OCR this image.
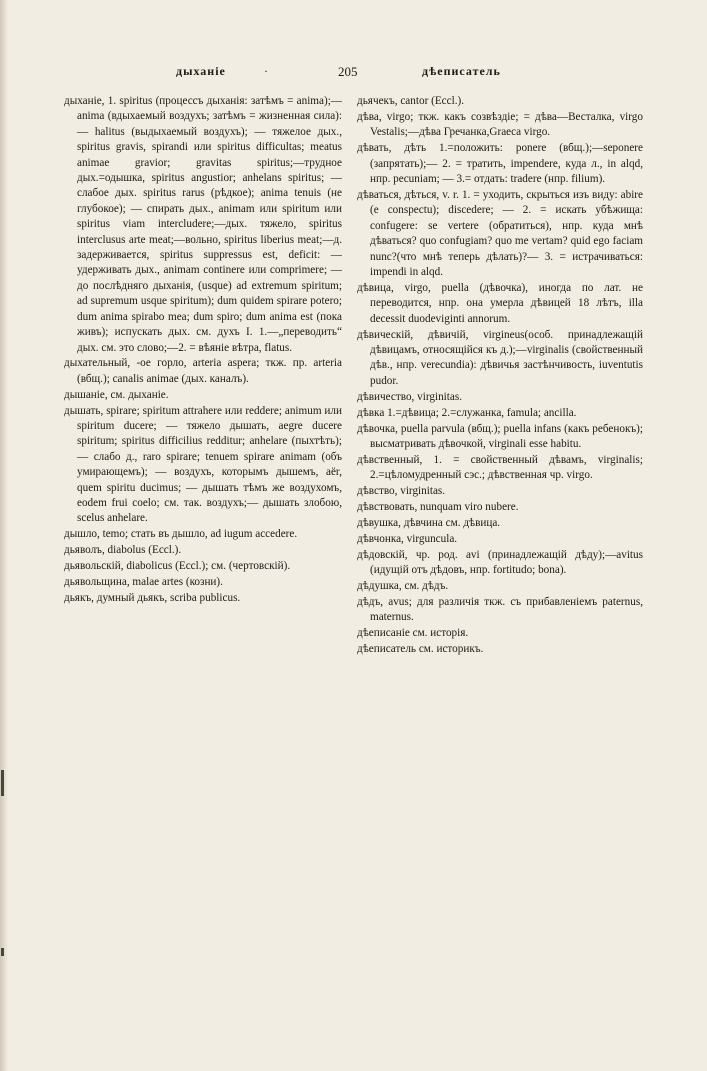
дыханіе	·	205	дѣеписатель

дыханіе, 1. spiritus (процессъ дыханія: затѣмъ = anima);— anima (вдыхаемый воздухъ; затѣмъ = жизненная сила): — halitus (выдыхаемый воздухъ); — тяжелое дых., spiritus gravis, spirandi или spiritus difficultas; meatus animae gravior; gravitas spiritus;—трудное дых.=одышка, spiritus angustior; anhelans spiritus; — слабое дых. spiritus rarus (рѣдкое); anima tenuis (не глубокое); — спирать дых., animam или spiritum или spiritus viam intercludere;—дых. тяжело, spiritus interclusus arte meat;—вольно, spiritus liberius meat;—д. задерживается, spiritus suppressus est, deficit: — удерживать дых., animam continere или comprimere; —до послѣдняго дыханія, (usque) ad extremum spiritum; ad supremum usque spiritum); dum quidem spirare potero; dum anima spirabo mea; dum spiro; dum anima est (пока живъ); испускать дых. см. духъ I. 1.—„переводить“ дых. см. это слово;—2. = вѣяніе вѣтра, flatus.

дыхательный, -ое горло, arteria aspera; ткж. пр. arteria (вбщ.); canalis animae (дых. каналъ).

дышаніе, см. дыханіе.

дышать, spirare; spiritum attrahere или reddere; animum или spiritum ducere; — тяжело дышать, aegre ducere spiritum; spiritus difficilius redditur; anhelare (пыхтѣть); — слабо д., raro spirare; tenuem spirare animam (объ умирающемъ); — воздухъ, которымъ дышемъ, aër, quem spiritu ducimus; — дышать тѣмъ же воздухомъ, eodem frui coelo; см. так. воздухъ;— дышать злобою, scelus anhelare.

дышло, temo; стать въ дышло, ad iugum accedere.

дьяволъ, diabolus (Eccl.).

дьявольскій, diabolicus (Eccl.); см. (чертовскій).

дьявольщина, malae artes (козни).

дьякъ, думный дьякъ, scriba publicus.

дьячекъ, cantor (Eccl.).

дѣва, virgo; ткж. какъ созвѣздіе; = дѣва—Весталка, virgo Vestalis;—дѣва Гречанка,Graeca virgo.

дѣвать, дѣть 1.=положить: ponere (вбщ.);—seponere (запрятать);— 2. = тратить, impendere, куда л., in alqd, нпр. pecuniam; — 3.= отдать: tradere (нпр. filium).

дѣваться, дѣться, v. r. 1. = уходить, скрыться изъ виду: abire (e conspectu); discedere; — 2. = искать убѣжища: confugere: se vertere (обратиться), нпр. куда мнѣ дѣваться? quo confugiam? quo me vertam? quid ego faciam nunc?(что мнѣ теперь дѣлать)?— 3. = истрачиваться: impendi in alqd.

дѣвица, virgo, puella (дѣвочка), иногда по лат. не переводится, нпр. она умерла дѣвицей 18 лѣтъ, illa decessit duodeviginti annorum.

дѣвическій, дѣвичій, virgineus(особ. принадлежащій дѣвицамъ, относящійся къ д.);—virginalis (свойственный дѣв., нпр. verecundia): дѣвичья застѣнчивость, iuventutis pudor.

дѣвичество, virginitas.

дѣвка 1.=дѣвица; 2.=служанка, famula; ancilla.

дѣвочка, puella parvula (вбщ.); puella infans (какъ ребенокъ); высматривать дѣвочкой, virginali esse habitu.

дѣвственный, 1. = свойственный дѣвамъ, virginalis; 2.=цѣломудренный сэс.; дѣвственная чр. virgo.

дѣвство, virginitas.

дѣвствовать, nunquam viro nubere.

дѣвушка, дѣвчина см. дѣвица.

дѣвчонка, virguncula.

дѣдовскій, чр. род. avi (принадлежащій дѣду);—avitus (идущій отъ дѣдовъ, нпр. fortitudo; bona).

дѣдушка, см. дѣдъ.

дѣдъ, avus; для различія ткж. съ прибавленіемъ paternus, maternus.

дѣеписаніе см. исторія.

дѣеписатель см. историкъ.
